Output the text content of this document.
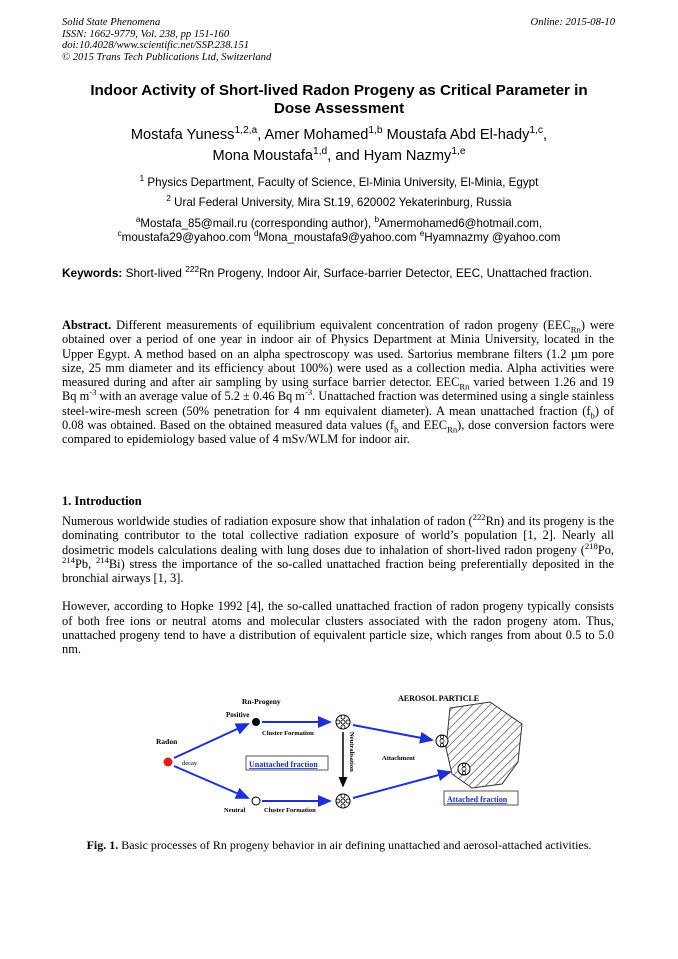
Solid State Phenomena
ISSN: 1662-9779, Vol. 238, pp 151-160
doi:10.4028/www.scientific.net/SSP.238.151
© 2015 Trans Tech Publications Ltd, Switzerland
Online: 2015-08-10
Indoor Activity of Short-lived Radon Progeny as Critical Parameter in
Dose Assessment
Mostafa Yuness$^{1,2,a}$, Amer Mohamed$^{1,b}$ Moustafa Abd El-hady$^{1,c}$,
Mona Moustafa$^{1,d}$, and Hyam Nazmy$^{1,e}$
$^1$ Physics Department, Faculty of Science, El-Minia University, El-Minia, Egypt
$^2$ Ural Federal University, Mira St.19, 620002 Yekaterinburg, Russia
$^a$Mostafa_85@mail.ru (corresponding author), $^b$Amermohamed6@hotmail.com,
$^c$moustafa29@yahoo.com $^d$Mona_moustafa9@yahoo.com $^e$Hyamnazmy @yahoo.com
Keywords: Short-lived $^{222}$Rn Progeny, Indoor Air, Surface-barrier Detector, EEC, Unattached fraction.

Abstract. Different measurements of equilibrium equivalent concentration of radon progeny $(EEC_{Rn})$ were obtained over a period of one year in indoor air of Physics Department at Minia University, located in the Upper Egypt. A method based on an alpha spectroscopy was used. Sartorius membrane filters (1.2 µm pore size, 25 mm diameter and its efficiency about 100%) were used as a collection media. Alpha activities were measured during and after air sampling by using surface barrier detector. $EEC_{Rn}$ varied between 1.26 and 19 Bq $m^{-3}$ with an average value of 5.2 ± 0.46 Bq $m^{-3}$. Unattached fraction was determined using a single stainless steel-wire-mesh screen (50% penetration for 4 nm equivalent diameter). A mean unattached fraction $(f_b)$ of 0.08 was obtained. Based on the obtained measured data values ($f_b$ and $EEC_{Rn}$), dose conversion factors were compared to epidemiology based value of 4 mSv/WLM for indoor air.

1. Introduction

Numerous worldwide studies of radiation exposure show that inhalation of radon ($^{222}$Rn) and its progeny is the dominating contributor to the total collective radiation exposure of world’s population [1, 2]. Nearly all dosimetric models calculations dealing with lung doses due to inhalation of short-lived radon progeny ($^{218}$Po, $^{214}$Pb, $^{214}$Bi) stress the importance of the so-called unattached fraction being preferentially deposited in the bronchial airways [1, 3].

However, according to Hopke 1992 [4], the so-called unattached fraction of radon progeny typically consists of both free ions or neutral atoms and molecular clusters associated with the radon progeny atom. Thus, unattached progeny tend to have a distribution of equivalent particle size, which ranges from about 0.5 to 5.0 nm.

AEROSOL PARTICLE
Rn-Progeny
Positive
Radon
decay
Cluster Formation	Neutralisation
Unattached fraction
Neutral	Cluster Formation
Attachment
Attached fraction
Fig. 1. Basic processes of Rn progeny behavior in air defining unattached and aerosol-attached activities.
